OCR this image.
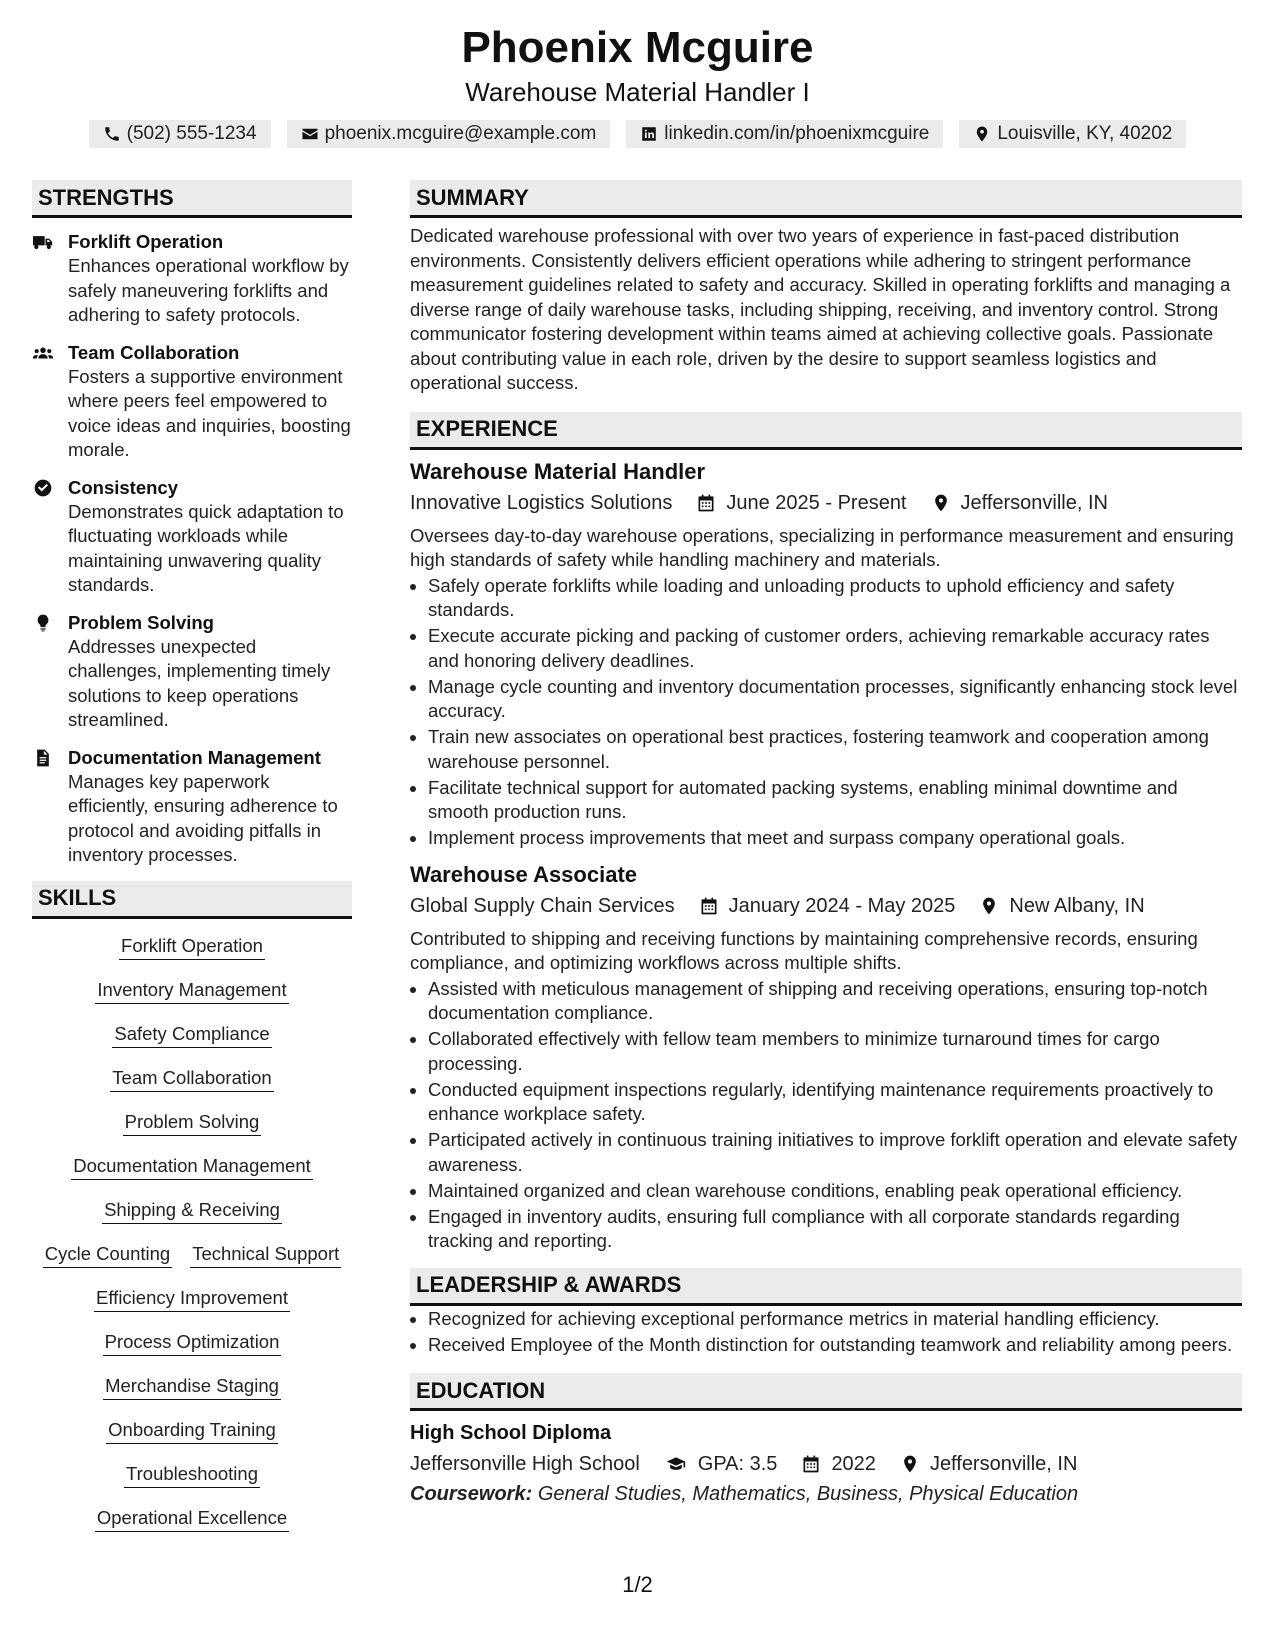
Phoenix Mcguire
Warehouse Material Handler I
(502) 555-1234	phoenix.mcguire@example.com	linkedin.com/in/phoenixmcguire	Louisville, KY, 40202
STRENGTHS
Forklift Operation
Enhances operational workflow by safely maneuvering forklifts and adhering to safety protocols.
Team Collaboration
Fosters a supportive environment where peers feel empowered to voice ideas and inquiries, boosting morale.
Consistency
Demonstrates quick adaptation to fluctuating workloads while maintaining unwavering quality standards.
Problem Solving
Addresses unexpected challenges, implementing timely solutions to keep operations streamlined.
Documentation Management
Manages key paperwork efficiently, ensuring adherence to protocol and avoiding pitfalls in inventory processes.
SKILLS
Forklift Operation
Inventory Management
Safety Compliance
Team Collaboration
Problem Solving
Documentation Management
Shipping & Receiving
Cycle Counting Technical Support
Efficiency Improvement
Process Optimization
Merchandise Staging
Onboarding Training
Troubleshooting
Operational Excellence
SUMMARY
Dedicated warehouse professional with over two years of experience in fast-paced distribution environments. Consistently delivers efficient operations while adhering to stringent performance measurement guidelines related to safety and accuracy. Skilled in operating forklifts and managing a diverse range of daily warehouse tasks, including shipping, receiving, and inventory control. Strong communicator fostering development within teams aimed at achieving collective goals. Passionate about contributing value in each role, driven by the desire to support seamless logistics and operational success.
EXPERIENCE
Warehouse Material Handler
Innovative Logistics Solutions	June 2025 - Present	Jeffersonville, IN
Oversees day-to-day warehouse operations, specializing in performance measurement and ensuring high standards of safety while handling machinery and materials.
• Safely operate forklifts while loading and unloading products to uphold efficiency and safety standards.
• Execute accurate picking and packing of customer orders, achieving remarkable accuracy rates and honoring delivery deadlines.
• Manage cycle counting and inventory documentation processes, significantly enhancing stock level accuracy.
• Train new associates on operational best practices, fostering teamwork and cooperation among warehouse personnel.
• Facilitate technical support for automated packing systems, enabling minimal downtime and smooth production runs.
• Implement process improvements that meet and surpass company operational goals.
Warehouse Associate
Global Supply Chain Services	January 2024 - May 2025	New Albany, IN
Contributed to shipping and receiving functions by maintaining comprehensive records, ensuring compliance, and optimizing workflows across multiple shifts.
• Assisted with meticulous management of shipping and receiving operations, ensuring top-notch documentation compliance.
• Collaborated effectively with fellow team members to minimize turnaround times for cargo processing.
• Conducted equipment inspections regularly, identifying maintenance requirements proactively to enhance workplace safety.
• Participated actively in continuous training initiatives to improve forklift operation and elevate safety awareness.
• Maintained organized and clean warehouse conditions, enabling peak operational efficiency.
• Engaged in inventory audits, ensuring full compliance with all corporate standards regarding tracking and reporting.
LEADERSHIP & AWARDS
• Recognized for achieving exceptional performance metrics in material handling efficiency.
• Received Employee of the Month distinction for outstanding teamwork and reliability among peers.
EDUCATION
High School Diploma
Jeffersonville High School	GPA: 3.5	2022	Jeffersonville, IN
Coursework: General Studies, Mathematics, Business, Physical Education
1/2
